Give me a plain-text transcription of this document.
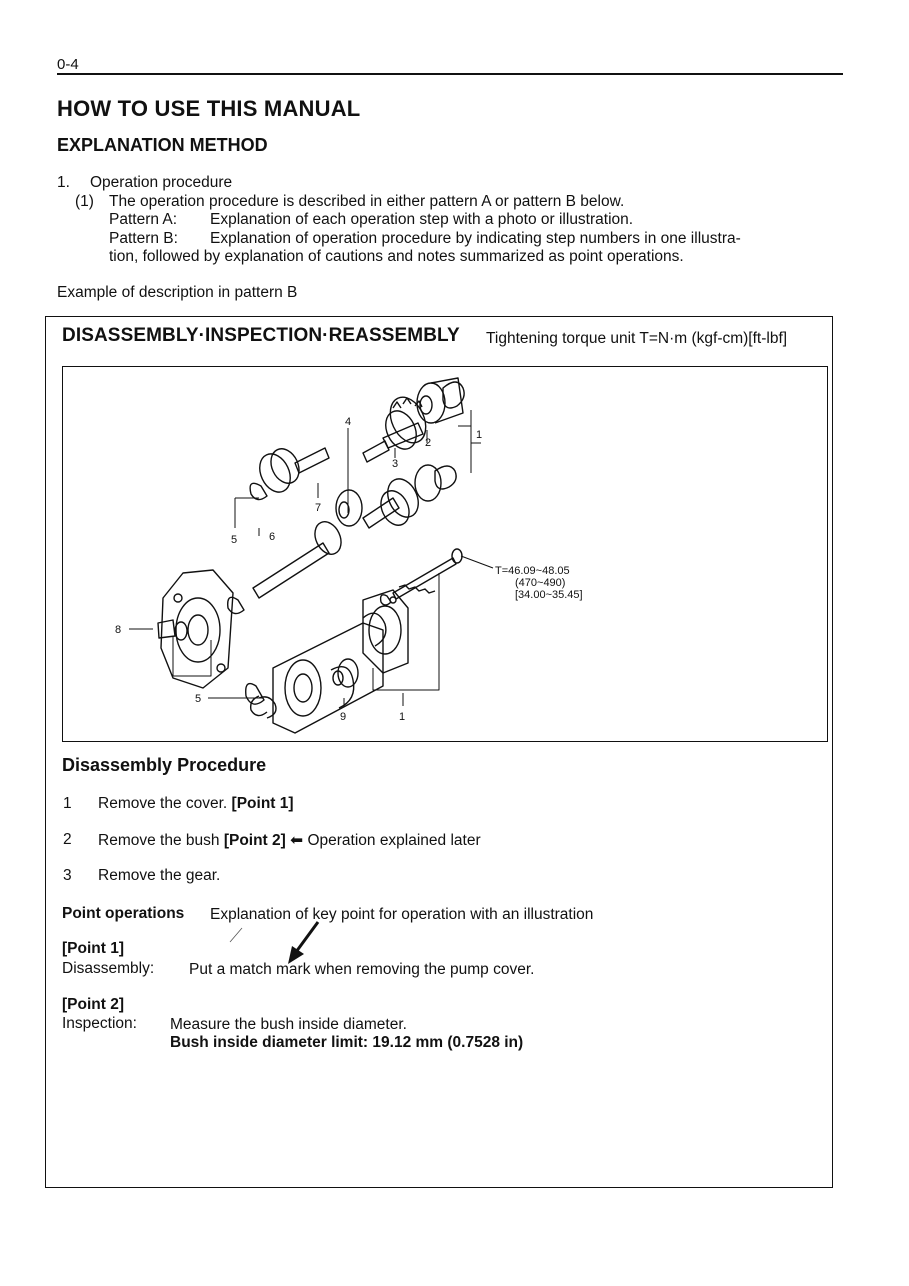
0-4
HOW TO USE THIS MANUAL
EXPLANATION METHOD
1. Operation procedure
(1) The operation procedure is described in either pattern A or pattern B below.
Pattern A: Explanation of each operation step with a photo or illustration.
Pattern B: Explanation of operation procedure by indicating step numbers in one illustra-
tion, followed by explanation of cautions and notes summarized as point operations.
Example of description in pattern B
DISASSEMBLY·INSPECTION·REASSEMBLY Tightening torque unit T=N·m (kgf-cm)[ft-lbf]
1
2
3
4
5	6
7
8
5
9	1
T=46.09~48.05
(470~490)
[34.00~35.45]
Disassembly Procedure
1 Remove the cover. [Point 1]
2 Remove the bush [Point 2] ⬅ Operation explained later
3 Remove the gear.
Point operations Explanation of key point for operation with an illustration
[Point 1]
Disassembly: Put a match mark when removing the pump cover.
[Point 2]
Inspection: Measure the bush inside diameter.
Bush inside diameter limit: 19.12 mm (0.7528 in)
